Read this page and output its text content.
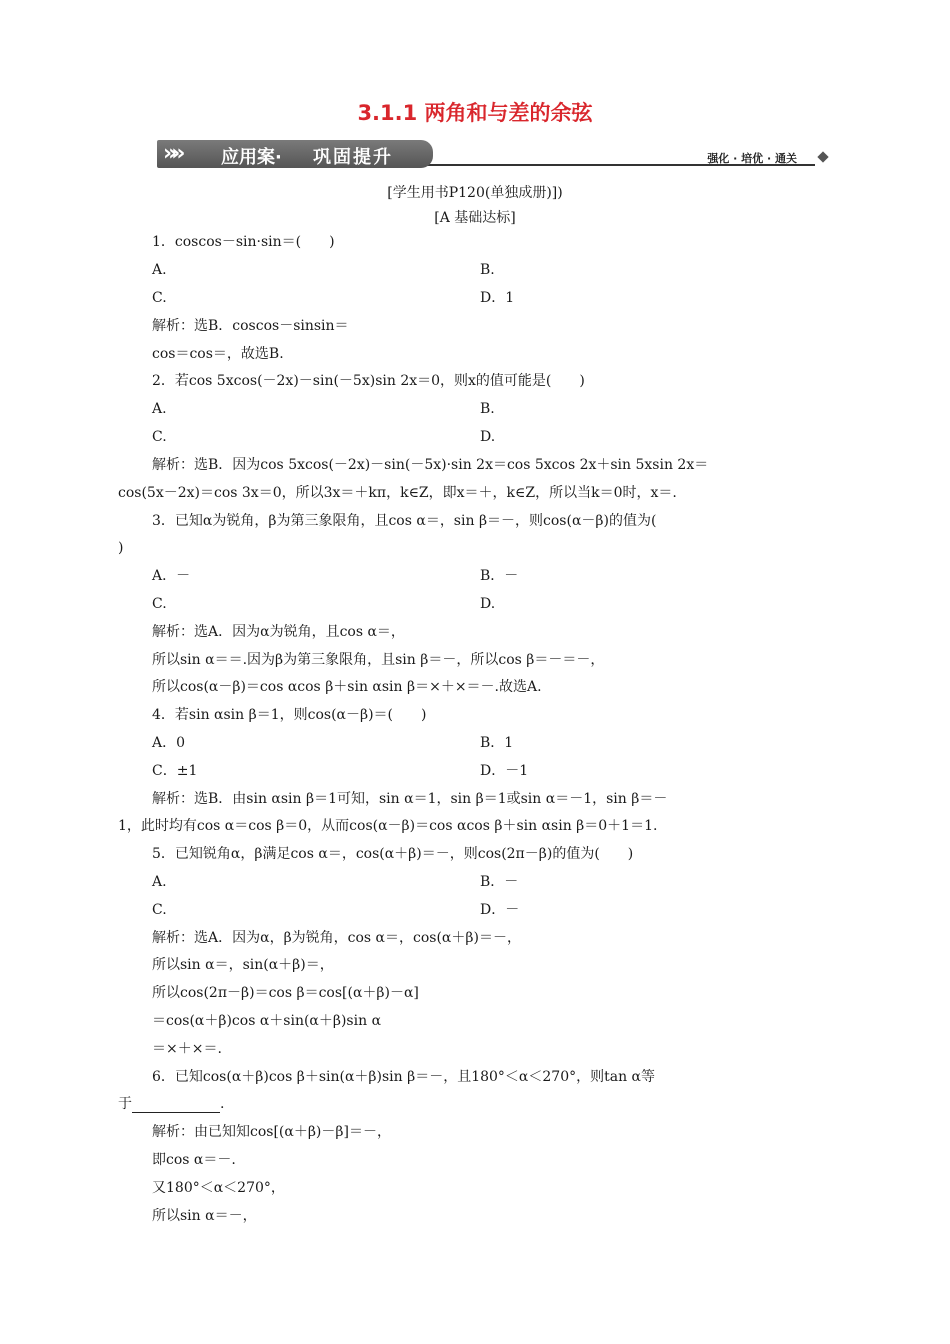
3.1.1 两角和与差的余弦
»» 应用案· 巩固提升	强化 · 培优 · 通关
[学生用书P120(单独成册)])
[A 基础达标]
1．coscos－sin·sin＝(　　)
A.	B.
C.	D．1
解析：选B．coscos－sinsin＝
cos＝cos＝，故选B.
2．若cos 5xcos(－2x)－sin(－5x)sin 2x＝0，则x的值可能是(　　)
A.	B.
C.	D.
解析：选B．因为cos 5xcos(－2x)－sin(－5x)·sin 2x＝cos 5xcos 2x＋sin 5xsin 2x＝
cos(5x－2x)＝cos 3x＝0，所以3x＝＋kπ，k∈Z，即x＝＋，k∈Z，所以当k＝0时，x＝.
3．已知α为锐角，β为第三象限角，且cos α＝，sin β＝－，则cos(α－β)的值为(
)
A．－	B．－
C.	D.
解析：选A．因为α为锐角，且cos α＝，
所以sin α＝＝.因为β为第三象限角，且sin β＝－，所以cos β＝－＝－，
所以cos(α－β)＝cos αcos β＋sin αsin β＝×＋×＝－.故选A.
4．若sin αsin β＝1，则cos(α－β)＝(　　)
A．0	B．1
C．±1	D．－1
解析：选B．由sin αsin β＝1可知，sin α＝1，sin β＝1或sin α＝－1，sin β＝－
1，此时均有cos α＝cos β＝0，从而cos(α－β)＝cos αcos β＋sin αsin β＝0＋1＝1.
5．已知锐角α，β满足cos α＝，cos(α＋β)＝－，则cos(2π－β)的值为(　　)
A.	B．－
C.	D．－
解析：选A．因为α，β为锐角，cos α＝，cos(α＋β)＝－，
所以sin α＝，sin(α＋β)＝，
所以cos(2π－β)＝cos β＝cos[(α＋β)－α]
＝cos(α＋β)cos α＋sin(α＋β)sin α
＝×＋×＝.
6．已知cos(α＋β)cos β＋sin(α＋β)sin β＝－，且180°＜α＜270°，则tan α等
于	.
解析：由已知知cos[(α＋β)－β]＝－，
即cos α＝－.
又180°＜α＜270°，
所以sin α＝－，
